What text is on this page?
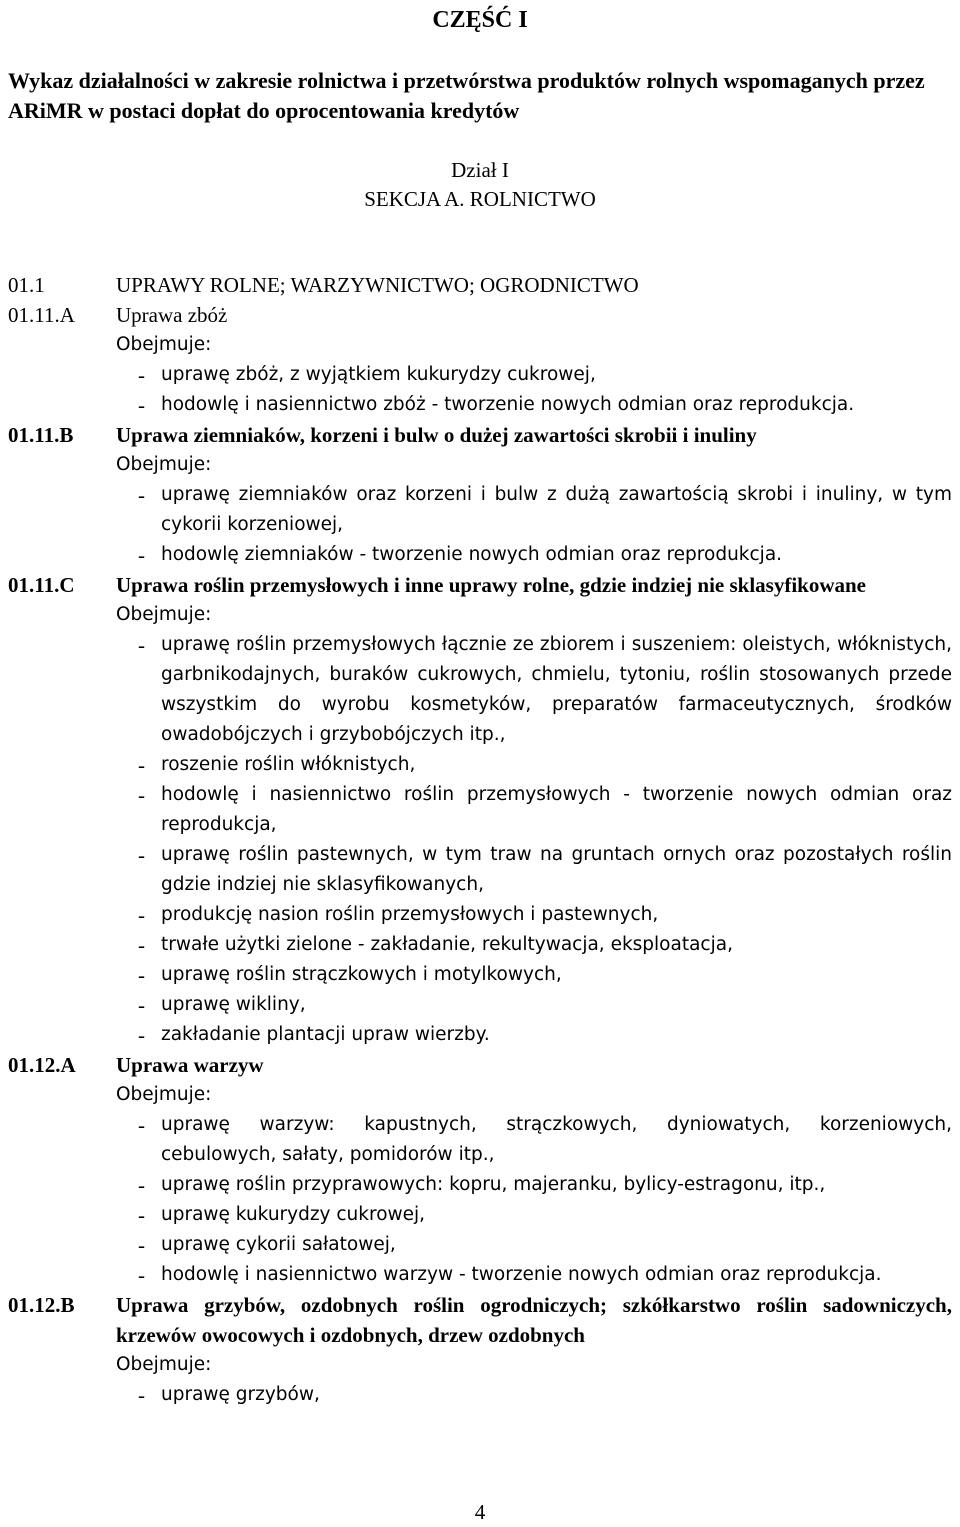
CZĘŚĆ I
Wykaz działalności w zakresie rolnictwa i przetwórstwa produktów rolnych wspomaganych przez ARiMR w postaci dopłat do oprocentowania kredytów
Dział I
SEKCJA A. ROLNICTWO
01.1	UPRAWY ROLNE; WARZYWNICTWO; OGRODNICTWO
01.11.A	Uprawa zbóż
Obejmuje:
- uprawę zbóż, z wyjątkiem kukurydzy cukrowej,
- hodowlę i nasiennictwo zbóż - tworzenie nowych odmian oraz reprodukcja.
01.11.B	Uprawa ziemniaków, korzeni i bulw o dużej zawartości skrobii i inuliny
Obejmuje:
- uprawę ziemniaków oraz korzeni i bulw z dużą zawartością skrobi i inuliny, w tym cykorii korzeniowej,
- hodowlę ziemniaków - tworzenie nowych odmian oraz reprodukcja.
01.11.C	Uprawa roślin przemysłowych i inne uprawy rolne, gdzie indziej nie sklasyfikowane
Obejmuje:
- uprawę roślin przemysłowych łącznie ze zbiorem i suszeniem: oleistych, włóknistych, garbnikodajnych, buraków cukrowych, chmielu, tytoniu, roślin stosowanych przede wszystkim do wyrobu kosmetyków, preparatów farmaceutycznych, środków owadobójczych i grzybobójczych itp.,
- roszenie roślin włóknistych,
- hodowlę i nasiennictwo roślin przemysłowych - tworzenie nowych odmian oraz reprodukcja,
- uprawę roślin pastewnych, w tym traw na gruntach ornych oraz pozostałych roślin gdzie indziej nie sklasyfikowanych,
- produkcję nasion roślin przemysłowych i pastewnych,
- trwałe użytki zielone - zakładanie, rekultywacja, eksploatacja,
- uprawę roślin strączkowych i motylkowych,
- uprawę wikliny,
- zakładanie plantacji upraw wierzby.
01.12.A	Uprawa warzyw
Obejmuje:
- uprawę warzyw: kapustnych, strączkowych, dyniowatych, korzeniowych, cebulowych, sałaty, pomidorów itp.,
- uprawę roślin przyprawowych: kopru, majeranku, bylicy-estragonu, itp.,
- uprawę kukurydzy cukrowej,
- uprawę cykorii sałatowej,
- hodowlę i nasiennictwo warzyw - tworzenie nowych odmian oraz reprodukcja.
01.12.B	Uprawa grzybów, ozdobnych roślin ogrodniczych; szkółkarstwo roślin sadowniczych, krzewów owocowych i ozdobnych, drzew ozdobnych
Obejmuje:
- uprawę grzybów,
4
